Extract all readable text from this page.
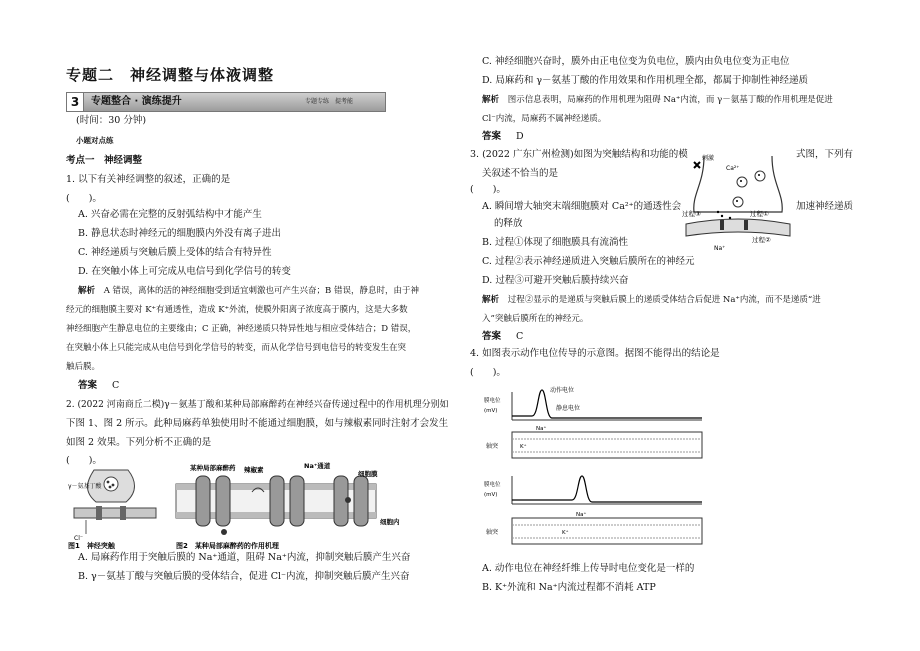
专题二　神经调整与体液调整
3	专题整合 · 演练提升	专题专练　提考能
(时间：30 分钟)
小题对点练
考点一　神经调整
1. 以下有关神经调整的叙述，正确的是
(　　)。
A. 兴奋必需在完整的反射弧结构中才能产生
B. 静息状态时神经元的细胞膜内外没有离子进出
C. 神经递质与突触后膜上受体的结合有特异性
D. 在突触小体上可完成从电信号到化学信号的转变
解析 A 错误，离体的活的神经细胞受到适宜刺激也可产生兴奋；B 错误，静息时，由于神
经元的细胞膜主要对 K⁺有通透性，造成 K⁺外流，使膜外阳离子浓度高于膜内，这是大多数
神经细胞产生静息电位的主要缘由；C 正确，神经递质只特异性地与相应受体结合；D 错误，
在突触小体上只能完成从电信号到化学信号的转变，而从化学信号到电信号的转变发生在突
触后膜。
答案 C
2. (2022 河南商丘二模)γ－氨基丁酸和某种局部麻醉药在神经兴奋传递过程中的作用机理分别如
下图 1、图 2 所示。此种局麻药单独使用时不能通过细胞膜，如与辣椒素同时注射才会发生
如图 2 效果。下列分析不正确的是
(　　)。
γ－氨基丁酸
Cl⁻
图1　神经突触
某种局部麻醉药 辣椒素	Na⁺通道
细胞膜
细胞内
图2　某种局部麻醉药的作用机理
A. 局麻药作用于突触后膜的 Na⁺通道，阻碍 Na⁺内流，抑制突触后膜产生兴奋
B. γ－氨基丁酸与突触后膜的受体结合，促进 Cl⁻内流，抑制突触后膜产生兴奋
C. 神经细胞兴奋时，膜外由正电位变为负电位，膜内由负电位变为正电位
D. 局麻药和 γ－氨基丁酸的作用效果和作用机理全都，都属于抑制性神经递质
解析 图示信息表明，局麻药的作用机理为阻碍 Na⁺内流，而 γ－氨基丁酸的作用机理是促进
Cl⁻内流，局麻药不属神经递质。
答案 D
3. (2022 广东广州检测)如图为突触结构和功能的模	式图，下列有
关叙述不恰当的是
(　　)。
Ca²⁺
刺激
过程①
过程②
过程③
Na⁺
A. 瞬间增大轴突末端细胞膜对 Ca²⁺的通透性会	加速神经递质
的释放
B. 过程①体现了细胞膜具有流淌性
C. 过程②表示神经递质进入突触后膜所在的神经元
D. 过程③可避开突触后膜持续兴奋
解析 过程②显示的是递质与突触后膜上的递质受体结合后促进 Na⁺内流，而不是递质“进
入”突触后膜所在的神经元。
答案 C
4. 如图表示动作电位传导的示意图。据图不能得出的结论是
(　　)。
动作电位
静息电位
膜电位
(mV)
轴突
Na⁺
K⁺
膜电位
(mV)
轴突
Na⁺
K⁺
A. 动作电位在神经纤维上传导时电位变化是一样的
B. K⁺外流和 Na⁺内流过程都不消耗 ATP
